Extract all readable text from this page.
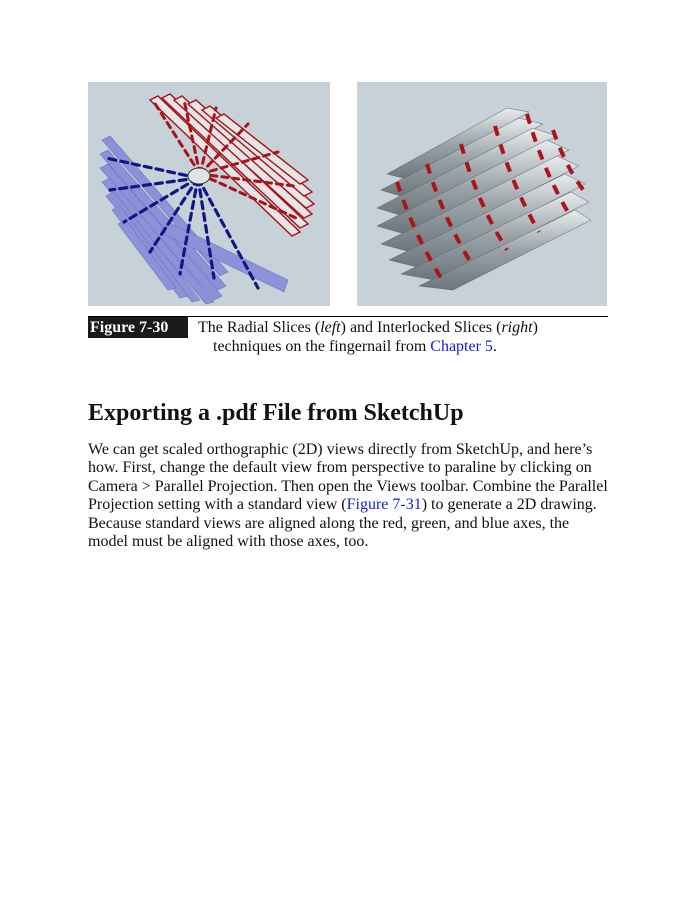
Figure 7-30	The Radial Slices (left) and Interlocked Slices (right)
techniques on the fingernail from Chapter 5.
Exporting a .pdf File from SketchUp

We can get scaled orthographic (2D) views directly from SketchUp, and here’s how. First, change the default view from perspective to paraline by clicking on Camera > Parallel Projection. Then open the Views toolbar. Combine the Parallel Projection setting with a standard view (Figure 7-31) to generate a 2D drawing. Because standard views are aligned along the red, green, and blue axes, the model must be aligned with those axes, too.
